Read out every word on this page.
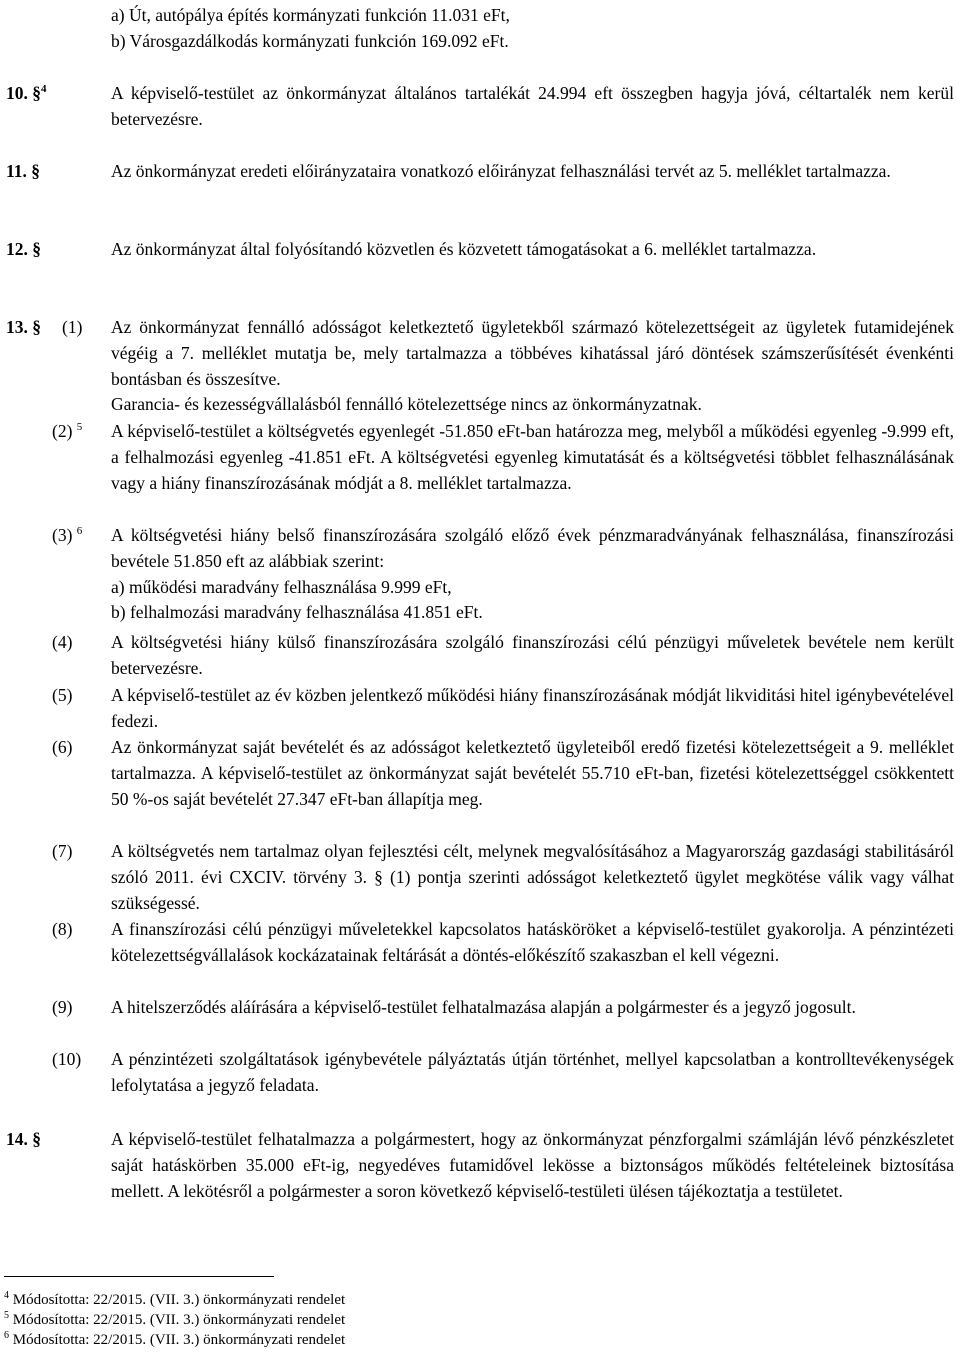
a) Út, autópálya építés kormányzati funkción 11.031 eFt,
b) Városgazdálkodás kormányzati funkción 169.092 eFt.
10. §$^4$	A képviselő-testület az önkormányzat általános tartalékát 24.994 eft összegben hagyja jóvá, céltartalék nem kerül betervezésre.
11. §	Az önkormányzat eredeti előirányzataira vonatkozó előirányzat felhasználási tervét az 5. melléklet tartalmazza.
12. §	Az önkormányzat által folyósítandó közvetlen és közvetett támogatásokat a 6. melléklet tartalmazza.
13. § (1) Az önkormányzat fennálló adósságot keletkeztető ügyletekből származó kötelezettségeit az ügyletek futamidejének végéig a 7. melléklet mutatja be, mely tartalmazza a többéves kihatással járó döntések számszerűsítését évenkénti bontásban és összesítve.

Garancia- és kezességvállalásból fennálló kötelezettsége nincs az önkormányzatnak.

(2) $^5$ A képviselő-testület a költségvetés egyenlegét -51.850 eFt-ban határozza meg, melyből a működési egyenleg -9.999 eft, a felhalmozási egyenleg -41.851 eFt. A költségvetési egyenleg kimutatását és a költségvetési többlet felhasználásának vagy a hiány finanszírozásának módját a 8. melléklet tartalmazza.
(3) $^6$ A költségvetési hiány belső finanszírozására szolgáló előző évek pénzmaradványának felhasználása, finanszírozási bevétele 51.850 eft az alábbiak szerint:

a) működési maradvány felhasználása 9.999 eFt,

b) felhalmozási maradvány felhasználása 41.851 eFt.

(4) A költségvetési hiány külső finanszírozására szolgáló finanszírozási célú pénzügyi műveletek bevétele nem került betervezésre.
(5) A képviselő-testület az év közben jelentkező működési hiány finanszírozásának módját likviditási hitel igénybevételével fedezi.
(6) Az önkormányzat saját bevételét és az adósságot keletkeztető ügyleteiből eredő fizetési kötelezettségeit a 9. melléklet tartalmazza. A képviselő-testület az önkormányzat saját bevételét 55.710 eFt-ban, fizetési kötelezettséggel csökkentett 50 %-os saját bevételét 27.347 eFt-ban állapítja meg.
(7) A költségvetés nem tartalmaz olyan fejlesztési célt, melynek megvalósításához a Magyarország gazdasági stabilitásáról szóló 2011. évi CXCIV. törvény 3. § (1) pontja szerinti adósságot keletkeztető ügylet megkötése válik vagy válhat szükségessé.
(8) A finanszírozási célú pénzügyi műveletekkel kapcsolatos hatásköröket a képviselő-testület gyakorolja. A pénzintézeti kötelezettségvállalások kockázatainak feltárását a döntés-előkészítő szakaszban el kell végezni.
(9) A hitelszerződés aláírására a képviselő-testület felhatalmazása alapján a polgármester és a jegyző jogosult.
(10) A pénzintézeti szolgáltatások igénybevétele pályáztatás útján történhet, mellyel kapcsolatban a kontrolltevékenységek lefolytatása a jegyző feladata.
14. §	A képviselő-testület felhatalmazza a polgármestert, hogy az önkormányzat pénzforgalmi számláján lévő pénzkészletet saját hatáskörben 35.000 eFt-ig, negyedéves futamidővel lekösse a biztonságos működés feltételeinek biztosítása mellett. A lekötésről a polgármester a soron következő képviselő-testületi ülésen tájékoztatja a testületet.
$^4$ Módosította: 22/2015. (VII. 3.) önkormányzati rendelet
$^5$ Módosította: 22/2015. (VII. 3.) önkormányzati rendelet
$^6$ Módosította: 22/2015. (VII. 3.) önkormányzati rendelet
